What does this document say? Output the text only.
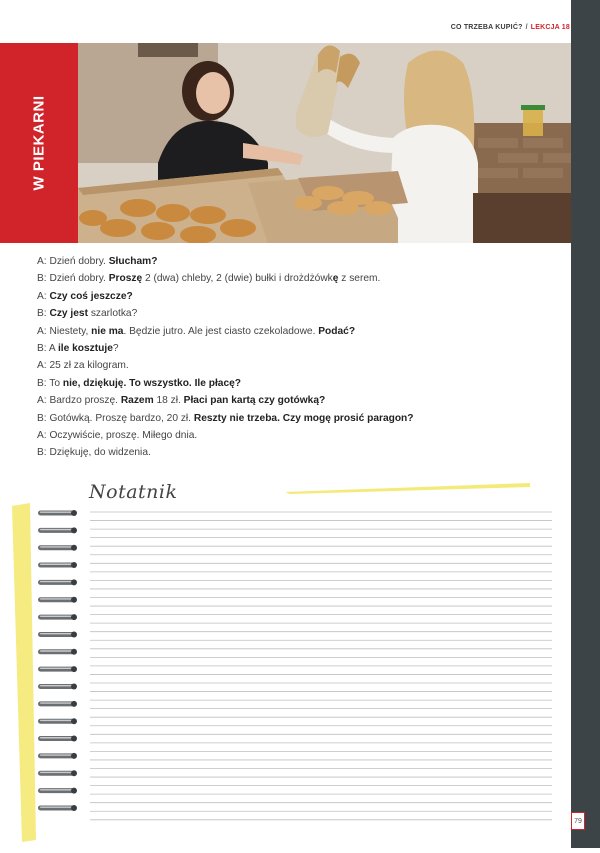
CO TRZEBA KUPIĆ? / LEKCJA 18
W PIEKARNI
A: Dzień dobry. Słucham?
B: Dzień dobry. Proszę 2 (dwa) chleby, 2 (dwie) bułki i drożdżówkę z serem.
A: Czy coś jeszcze?
B: Czy jest szarlotka?
A: Niestety, nie ma. Będzie jutro. Ale jest ciasto czekoladowe. Podać?
B: A ile kosztuje?
A: 25 zł za kilogram.
B: To nie, dziękuję. To wszystko. Ile płacę?
A: Bardzo proszę. Razem 18 zł. Płaci pan kartą czy gotówką?
B: Gotówką. Proszę bardzo, 20 zł. Reszty nie trzeba. Czy mogę prosić paragon?
A: Oczywiście, proszę. Miłego dnia.
B: Dziękuję, do widzenia.
Notatnik
79
